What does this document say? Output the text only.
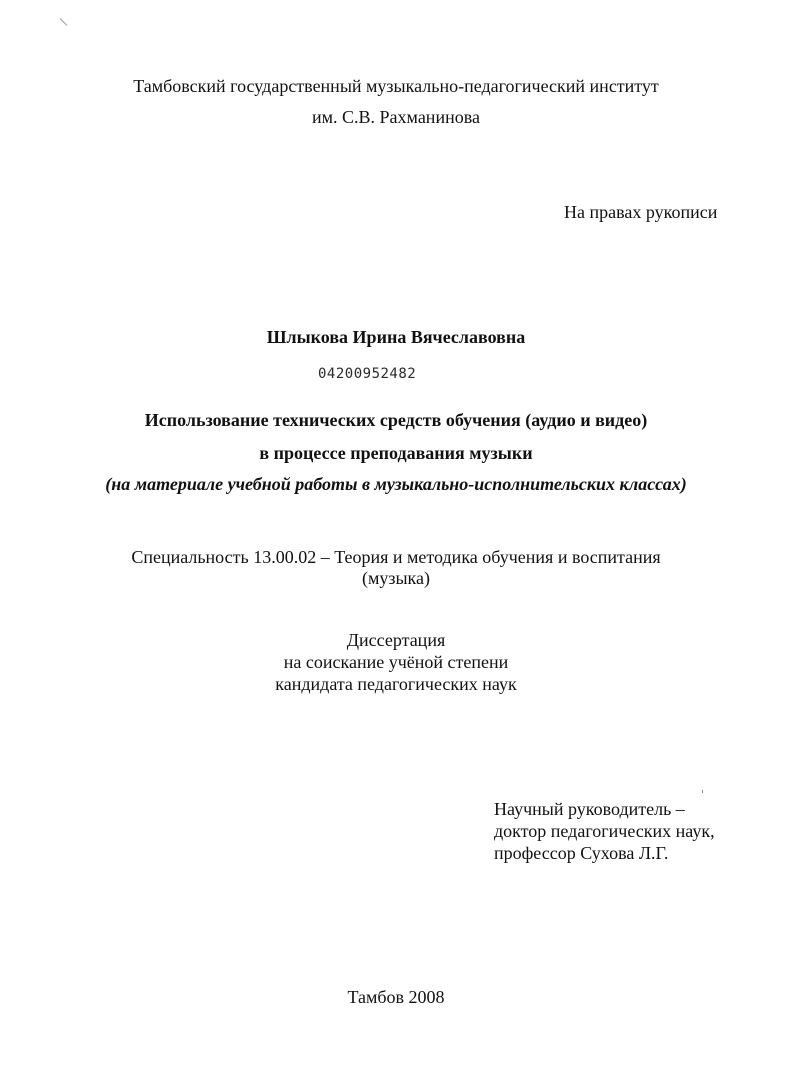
Тамбовский государственный музыкально-педагогический институт
им. С.В. Рахманинова
На правах рукописи
Шлыкова Ирина Вячеславовна
04200952482
Использование технических средств обучения (аудио и видео)
в процессе преподавания музыки
(на материале учебной работы в музыкально-исполнительских классах)
Специальность 13.00.02 – Теория и методика обучения и воспитания
(музыка)
Диссертация
на соискание учёной степени
кандидата педагогических наук
Научный руководитель –
доктор педагогических наук,
профессор Сухова Л.Г.
Тамбов 2008
